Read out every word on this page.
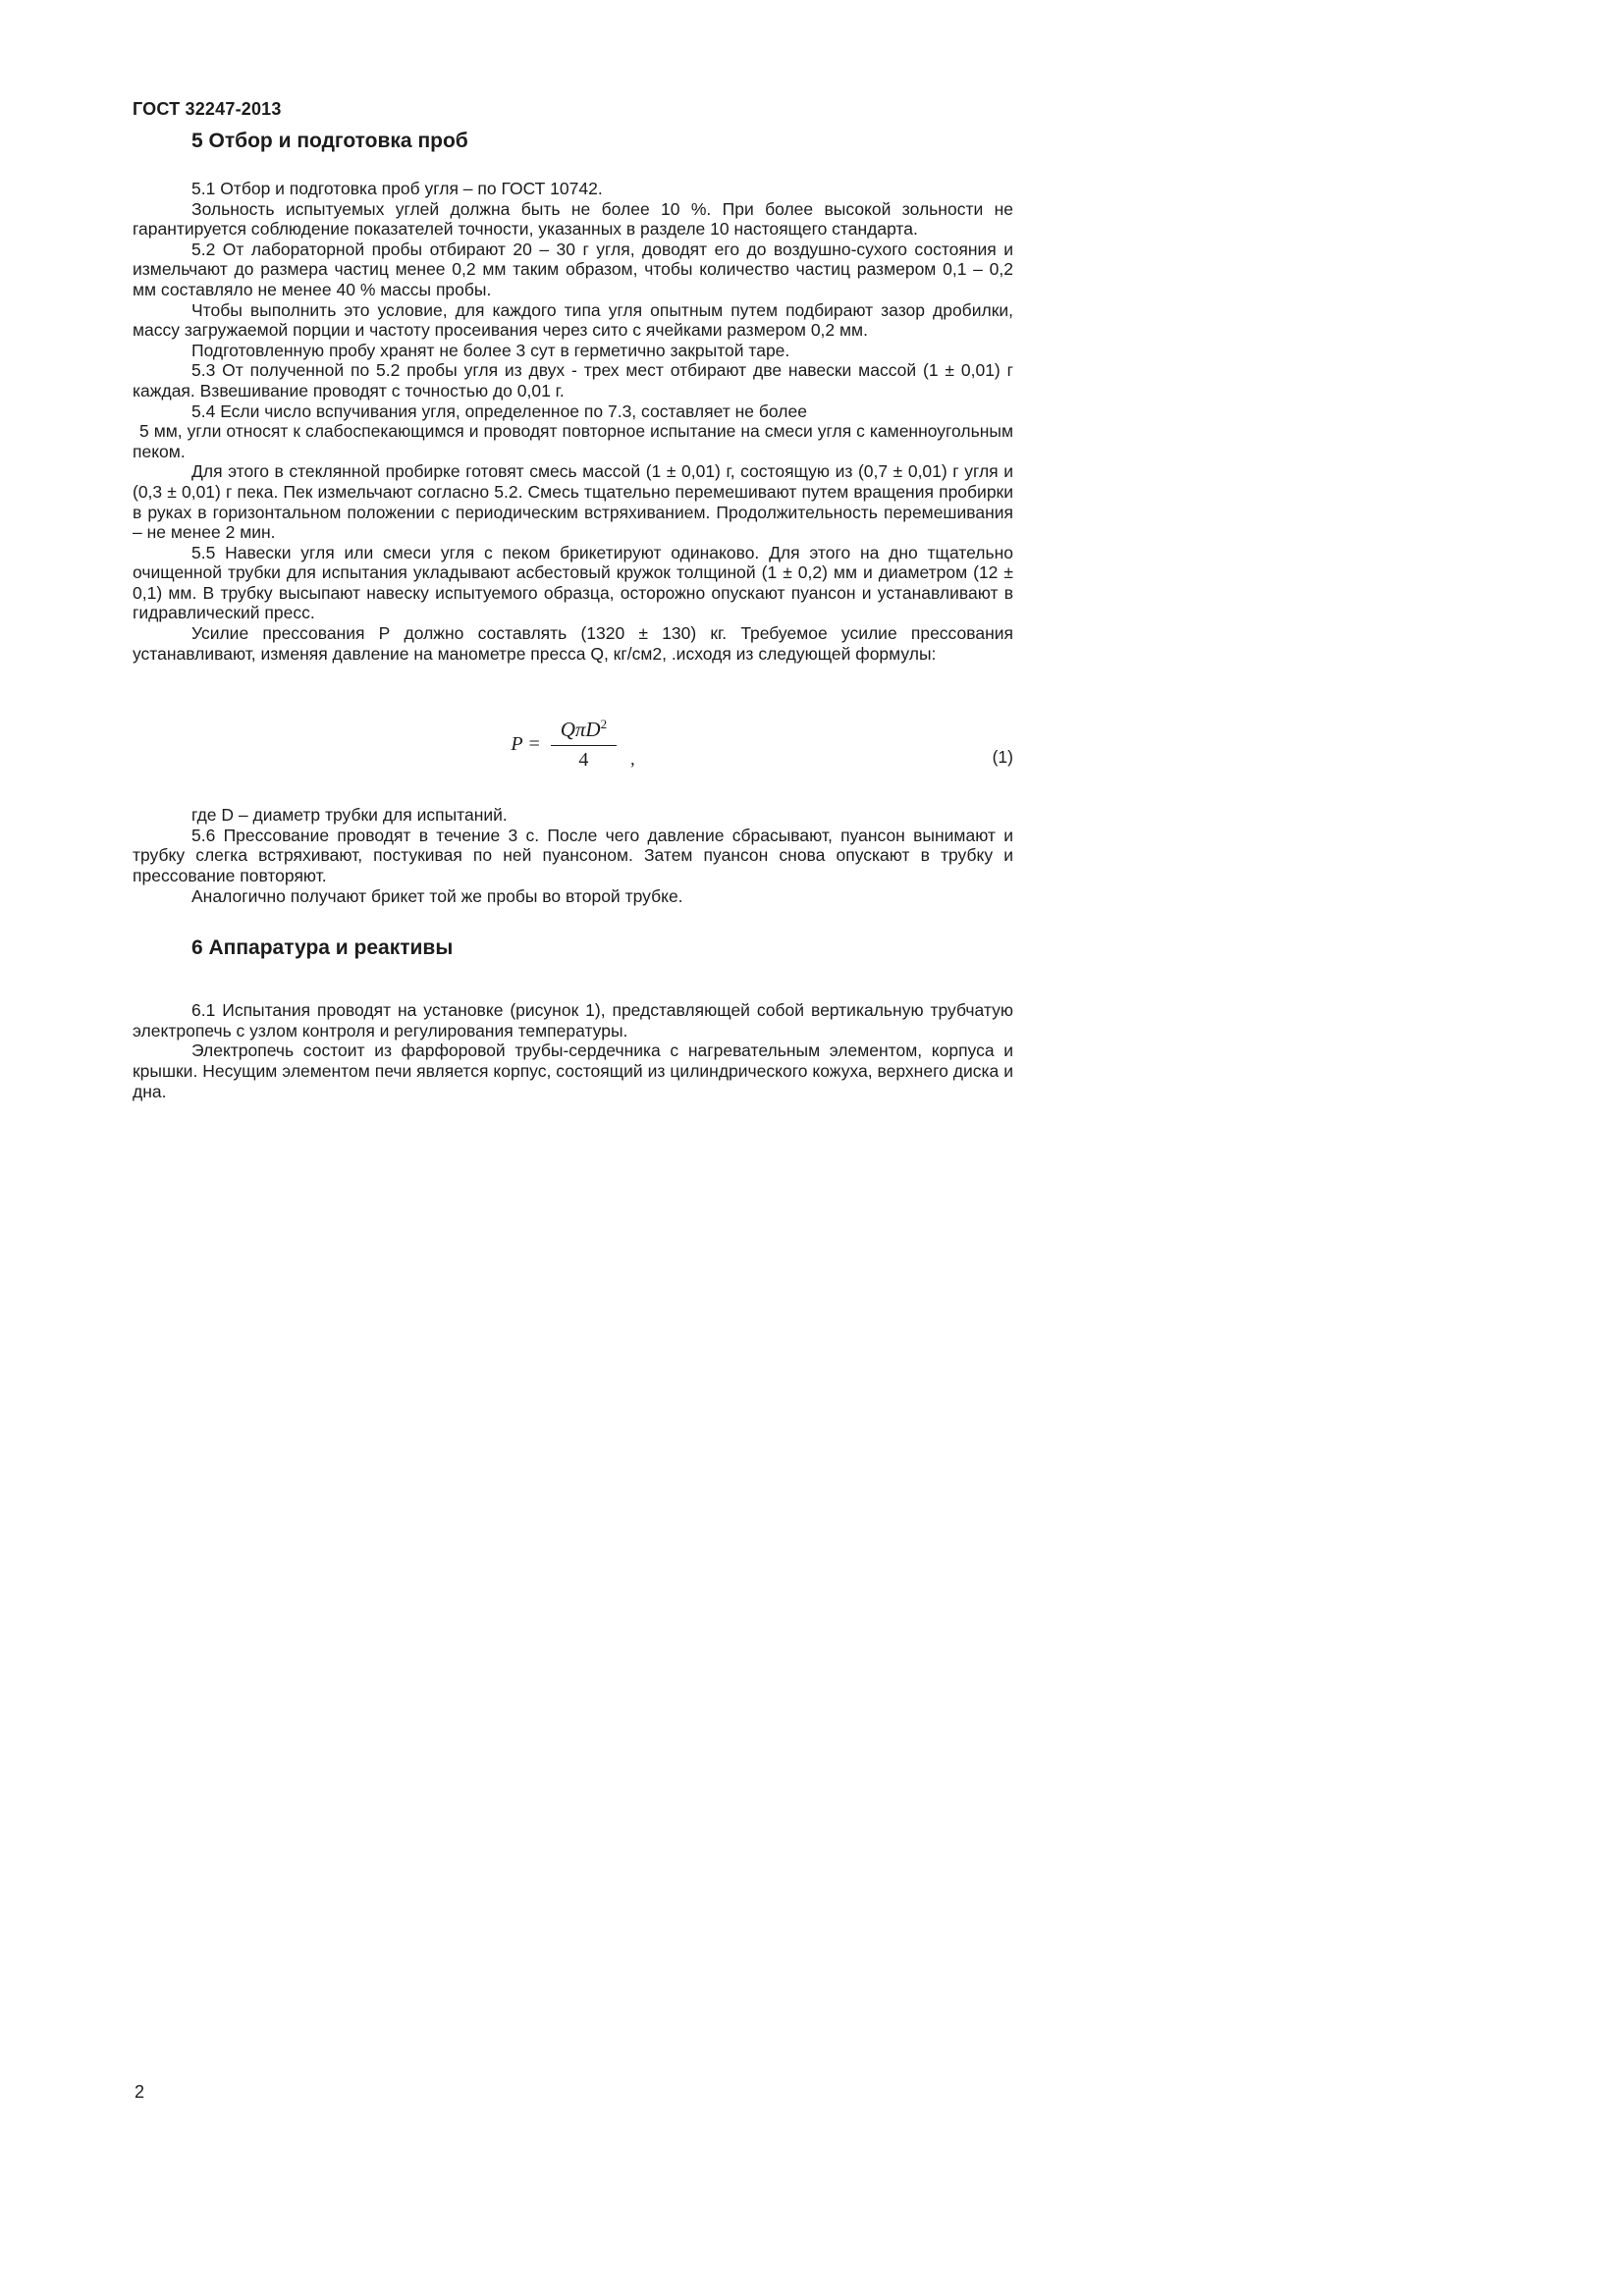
ГОСТ 32247-2013
5 Отбор и подготовка проб

5.1 Отбор и подготовка проб угля – по ГОСТ 10742.

Зольность испытуемых углей должна быть не более 10 %. При более высокой зольности не гарантируется соблюдение показателей точности, указанных в разделе 10 настоящего стандарта.

5.2 От лабораторной пробы отбирают 20 – 30 г угля, доводят его до воздушно-сухого состояния и измельчают до размера частиц менее 0,2 мм таким образом, чтобы количество частиц размером 0,1 – 0,2 мм составляло не менее 40 % массы пробы.

Чтобы выполнить это условие, для каждого типа угля опытным путем подбирают зазор дробилки, массу загружаемой порции и частоту просеивания через сито с ячейками размером 0,2 мм.

Подготовленную пробу хранят не более 3 сут в герметично закрытой таре.

5.3 От полученной по 5.2 пробы угля из двух - трех мест отбирают две навески массой (1 ± 0,01) г каждая. Взвешивание проводят с точностью до 0,01 г.

5.4 Если число вспучивания угля, определенное по 7.3, составляет не более

5 мм, угли относят к слабоспекающимся и проводят повторное испытание на смеси угля с каменноугольным пеком.

Для этого в стеклянной пробирке готовят смесь массой (1 ± 0,01) г, состоящую из (0,7 ± 0,01) г угля и (0,3 ± 0,01) г пека. Пек измельчают согласно 5.2. Смесь тщательно перемешивают путем вращения пробирки в руках в горизонтальном положении с периодическим встряхиванием. Продолжительность перемешивания – не менее 2 мин.

5.5 Навески угля или смеси угля с пеком брикетируют одинаково. Для этого на дно тщательно очищенной трубки для испытания укладывают асбестовый кружок толщиной (1 ± 0,2) мм и диаметром (12 ± 0,1) мм. В трубку высыпают навеску испытуемого образца, осторожно опускают пуансон и устанавливают в гидравлический пресс.

Усилие прессования Р должно составлять (1320 ± 130) кг. Требуемое усилие прессования устанавливают, изменяя давление на манометре пресса Q, кг/см2, .исходя из следующей формулы:

$P = \frac{Q\pi D^2}{4}$ ,	(1)

где D – диаметр трубки для испытаний.

5.6 Прессование проводят в течение 3 с. После чего давление сбрасывают, пуансон вынимают и трубку слегка встряхивают, постукивая по ней пуансоном. Затем пуансон снова опускают в трубку и прессование повторяют.

Аналогично получают брикет той же пробы во второй трубке.

6 Аппаратура и реактивы

6.1 Испытания проводят на установке (рисунок 1), представляющей собой вертикальную трубчатую электропечь с узлом контроля и регулирования температуры.

Электропечь состоит из фарфоровой трубы-сердечника с нагревательным элементом, корпуса и крышки. Несущим элементом печи является корпус, состоящий из цилиндрического кожуха, верхнего диска и дна.

2
